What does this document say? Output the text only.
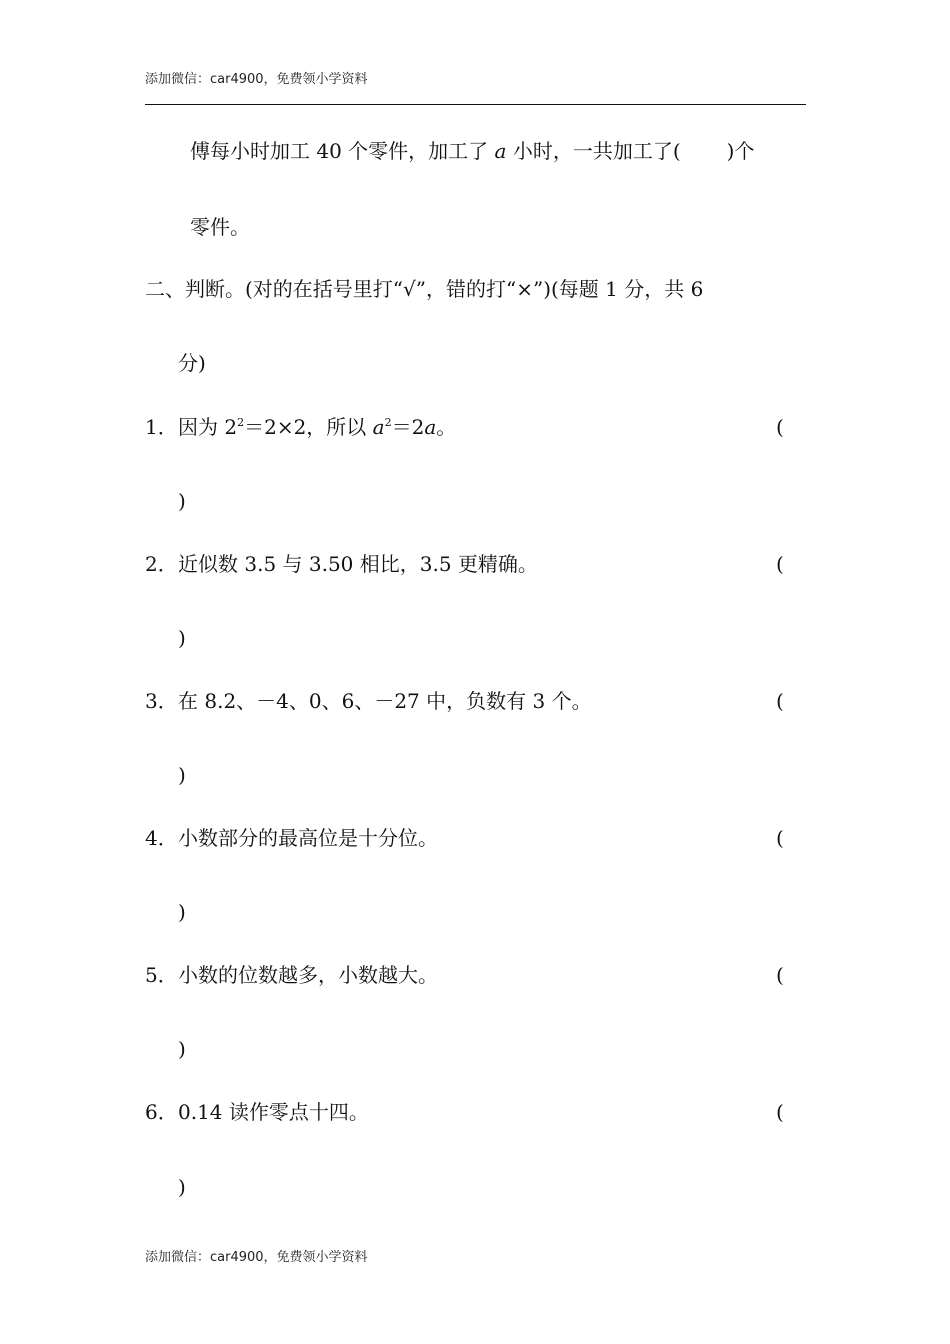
添加微信：car4900，免费领小学资料
傅每小时加工 40 个零件，加工了 a 小时，一共加工了( )个
零件。
二、判断。(对的在括号里打“√”，错的打“×”)(每题 1 分，共 6
分)
1．因为 $2^2=2\times 2$，所以 $a^2=2a$。	(
)
2．近似数 3.5 与 3.50 相比，3.5 更精确。	(
)
3．在 8.2、－4、0、6、－27 中，负数有 3 个。	(
)
4．小数部分的最高位是十分位。	(
)
5．小数的位数越多，小数越大。	(
)
6．0.14 读作零点十四。	(
)
添加微信：car4900，免费领小学资料
